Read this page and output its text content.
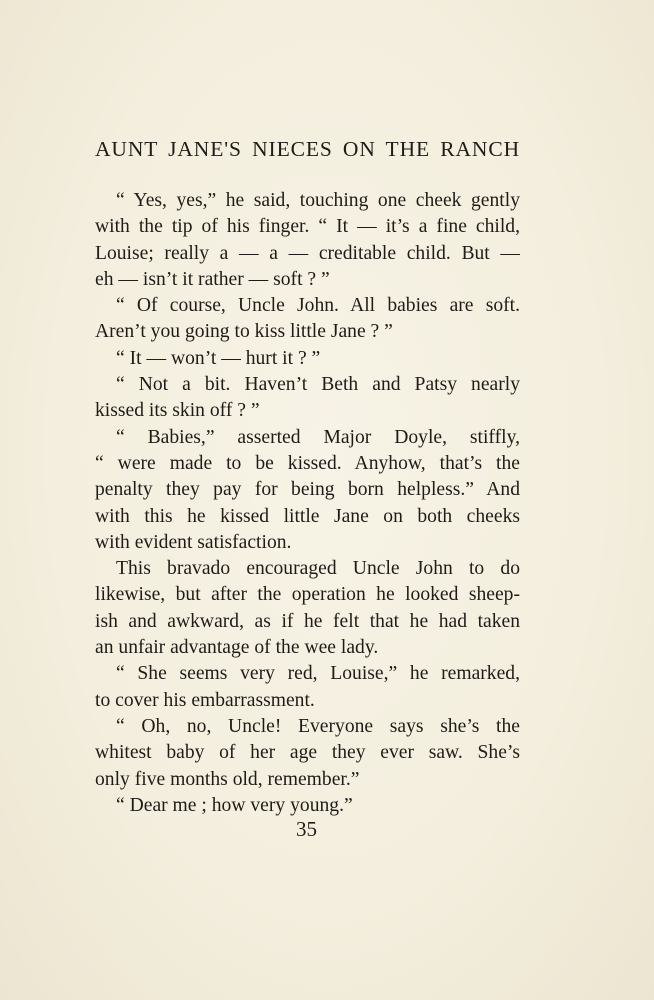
AUNT JANE'S NIECES ON THE RANCH
“ Yes, yes,” he said, touching one cheek gently
with the tip of his finger. “ It — it’s a fine child,
Louise; really a — a — creditable child. But —
eh — isn’t it rather — soft ? ”
“ Of course, Uncle John. All babies are soft.
Aren’t you going to kiss little Jane ? ”
“ It — won’t — hurt it ? ”
“ Not a bit. Haven’t Beth and Patsy nearly
kissed its skin off ? ”
“ Babies,” asserted Major Doyle, stiffly,
“ were made to be kissed. Anyhow, that’s the
penalty they pay for being born helpless.” And
with this he kissed little Jane on both cheeks
with evident satisfaction.
This bravado encouraged Uncle John to do
likewise, but after the operation he looked sheep-
ish and awkward, as if he felt that he had taken
an unfair advantage of the wee lady.
“ She seems very red, Louise,” he remarked,
to cover his embarrassment.
“ Oh, no, Uncle! Everyone says she’s the
whitest baby of her age they ever saw. She’s
only five months old, remember.”
“ Dear me ; how very young.”
35
